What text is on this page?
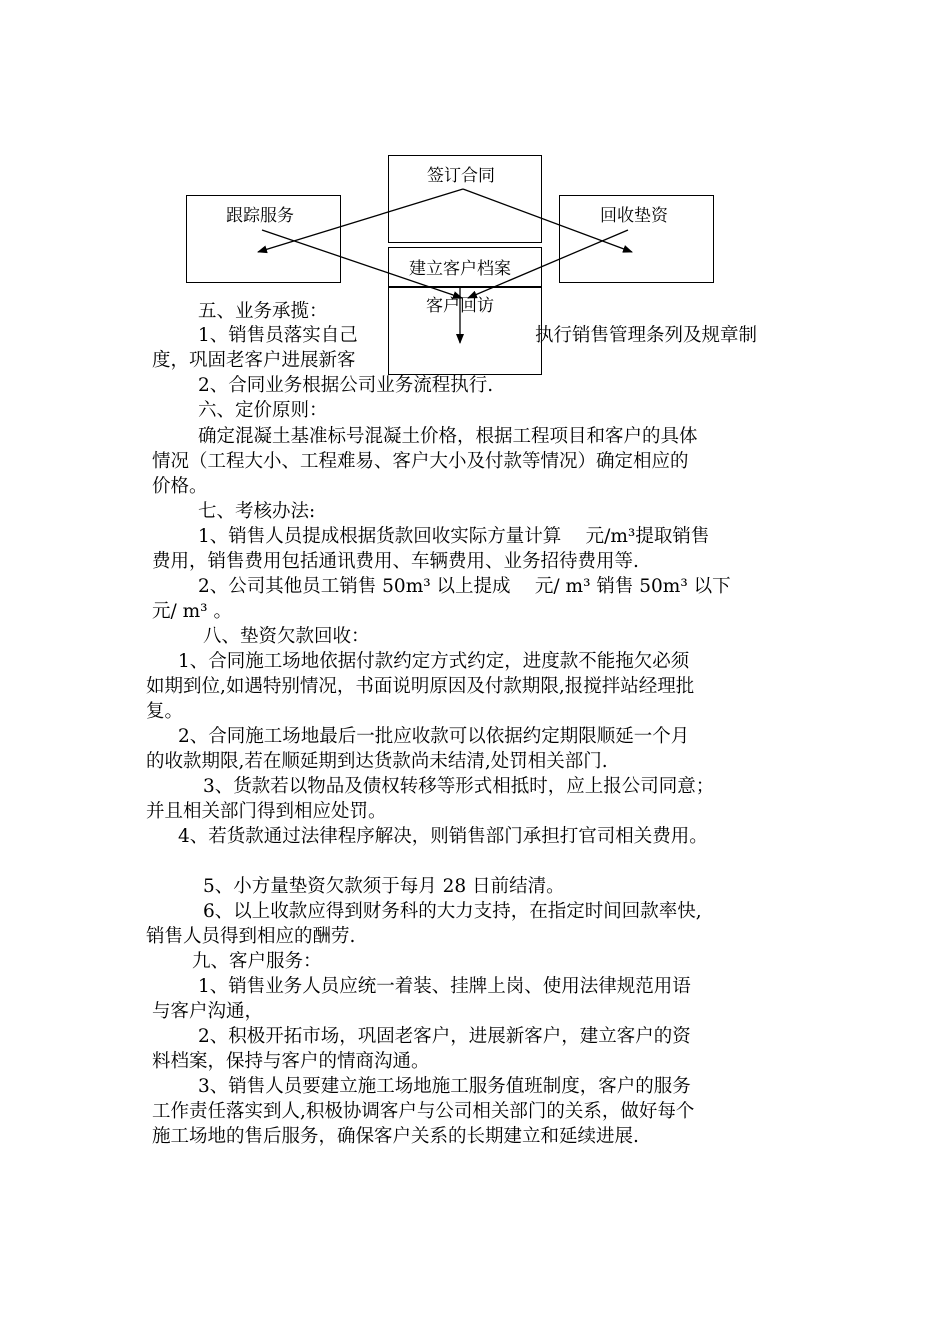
签订合同
跟踪服务	回收垫资
建立客户档案
客户回访
五、业务承揽：
1、销售员落实自己	执行销售管理条列及规章制
度，巩固老客户进展新客
2、合同业务根据公司业务流程执行.
六、定价原则：
确定混凝土基准标号混凝土价格，根据工程项目和客户的具体
情况（工程大小、工程难易、客户大小及付款等情况）确定相应的
价格。
七、考核办法:
1、销售人员提成根据货款回收实际方量计算　 元/m³提取销售
费用，销售费用包括通讯费用、车辆费用、业务招待费用等.
2、公司其他员工销售 50m³ 以上提成　 元/ m³ 销售 50m³ 以下
元/ m³ 。
八、垫资欠款回收：
1、合同施工场地依据付款约定方式约定，进度款不能拖欠必须
如期到位,如遇特别情况，书面说明原因及付款期限,报搅拌站经理批
复。
2、合同施工场地最后一批应收款可以依据约定期限顺延一个月
的收款期限,若在顺延期到达货款尚未结清,处罚相关部门.
3、货款若以物品及债权转移等形式相抵时，应上报公司同意；
并且相关部门得到相应处罚。
4、若货款通过法律程序解决，则销售部门承担打官司相关费用。
5、小方量垫资欠款须于每月 28 日前结清。
6、以上收款应得到财务科的大力支持，在指定时间回款率快,
销售人员得到相应的酬劳.
九、客户服务：
1、销售业务人员应统一着装、挂牌上岗、使用法律规范用语
与客户沟通，
2、积极开拓市场，巩固老客户，进展新客户，建立客户的资
料档案，保持与客户的情商沟通。
3、销售人员要建立施工场地施工服务值班制度，客户的服务
工作责任落实到人,积极协调客户与公司相关部门的关系，做好每个
施工场地的售后服务，确保客户关系的长期建立和延续进展.
